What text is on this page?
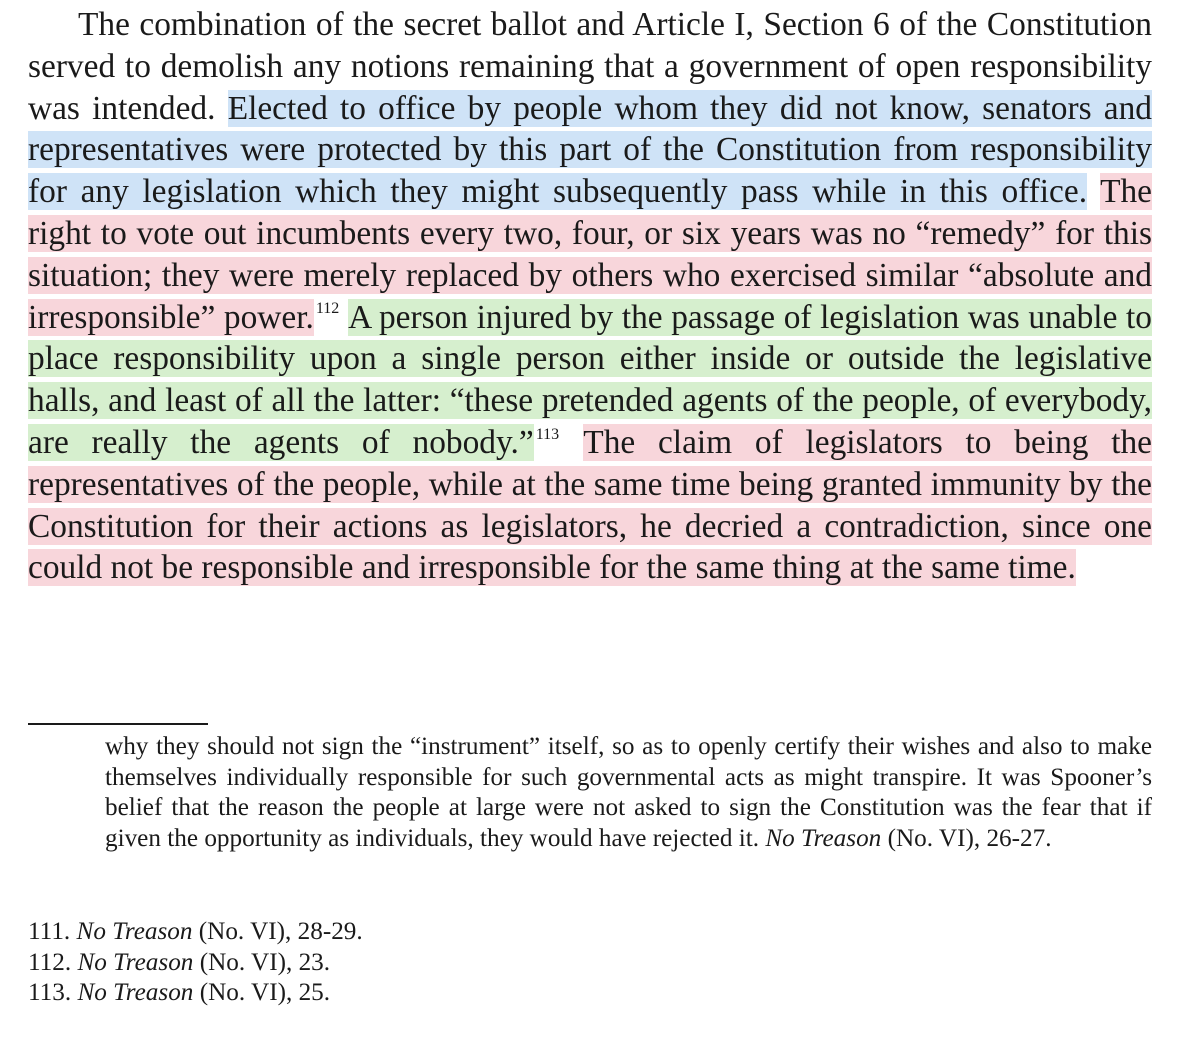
The combination of the secret ballot and Article I, Section 6 of the Constitution served to demolish any notions remaining that a government of open responsibility was intended. Elected to office by people whom they did not know, senators and representatives were protected by this part of the Constitution from responsibility for any legislation which they might subsequently pass while in this office. The right to vote out incumbents every two, four, or six years was no “remedy” for this situation; they were merely replaced by others who exercised similar “absolute and irresponsible” power. $^{112}$ A person injured by the passage of legislation was unable to place responsibility upon a single person either inside or outside the legislative halls, and least of all the latter: “these pretended agents of the people, of everybody, are really the agents of nobody.” $^{113}$ The claim of legislators to being the representatives of the people, while at the same time being granted immunity by the Constitution for their actions as legislators, he decried a contradiction, since one could not be responsible and irresponsible for the same thing at the same time.

why they should not sign the “instrument” itself, so as to openly certify their wishes and also to make themselves individually responsible for such governmental acts as might transpire. It was Spooner’s belief that the reason the people at large were not asked to sign the Constitution was the fear that if given the opportunity as individuals, they would have rejected it. No Treason (No. VI), 26-27.

111. No Treason (No. VI), 28-29.
112. No Treason (No. VI), 23.
113. No Treason (No. VI), 25.
